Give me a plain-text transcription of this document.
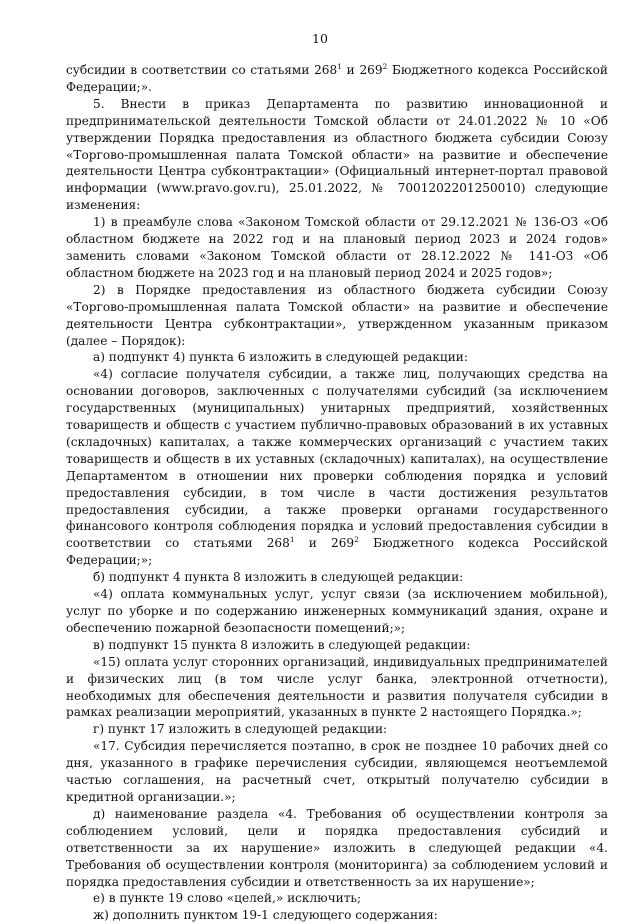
10

субсидии в соответствии со статьями $268^1$ и $269^2$ Бюджетного кодекса Российской Федерации;».

5. Внести в приказ Департамента по развитию инновационной и предпринимательской деятельности Томской области от 24.01.2022 № 10 «Об утверждении Порядка предоставления из областного бюджета субсидии Союзу «Торгово-промышленная палата Томской области» на развитие и обеспечение деятельности Центра субконтрактации» (Официальный интернет-портал правовой информации (www.pravo.gov.ru), 25.01.2022, № 7001202201250010) следующие изменения:

1) в преамбуле слова «Законом Томской области от 29.12.2021 № 136-ОЗ «Об областном бюджете на 2022 год и на плановый период 2023 и 2024 годов» заменить словами «Законом Томской области от 28.12.2022 № 141-ОЗ «Об областном бюджете на 2023 год и на плановый период 2024 и 2025 годов»;

2) в Порядке предоставления из областного бюджета субсидии Союзу «Торгово-промышленная палата Томской области» на развитие и обеспечение деятельности Центра субконтрактации», утвержденном указанным приказом (далее – Порядок):

а) подпункт 4) пункта 6 изложить в следующей редакции:

«4) согласие получателя субсидии, а также лиц, получающих средства на основании договоров, заключенных с получателями субсидий (за исключением государственных (муниципальных) унитарных предприятий, хозяйственных товариществ и обществ с участием публично-правовых образований в их уставных (складочных) капиталах, а также коммерческих организаций с участием таких товариществ и обществ в их уставных (складочных) капиталах), на осуществление Департаментом в отношении них проверки соблюдения порядка и условий предоставления субсидии, в том числе в части достижения результатов предоставления субсидии, а также проверки органами государственного финансового контроля соблюдения порядка и условий предоставления субсидии в соответствии со статьями $268^1$ и $269^2$ Бюджетного кодекса Российской Федерации;»;

б) подпункт 4 пункта 8 изложить в следующей редакции:

«4) оплата коммунальных услуг, услуг связи (за исключением мобильной), услуг по уборке и по содержанию инженерных коммуникаций здания, охране и обеспечению пожарной безопасности помещений;»;

в) подпункт 15 пункта 8 изложить в следующей редакции:

«15) оплата услуг сторонних организаций, индивидуальных предпринимателей и физических лиц (в том числе услуг банка, электронной отчетности), необходимых для обеспечения деятельности и развития получателя субсидии в рамках реализации мероприятий, указанных в пункте 2 настоящего Порядка.»;

г) пункт 17 изложить в следующей редакции:

«17. Субсидия перечисляется поэтапно, в срок не позднее 10 рабочих дней со дня, указанного в графике перечисления субсидии, являющемся неотъемлемой частью соглашения, на расчетный счет, открытый получателю субсидии в кредитной организации.»;

д) наименование раздела «4. Требования об осуществлении контроля за соблюдением условий, цели и порядка предоставления субсидий и ответственности за их нарушение» изложить в следующей редакции «4. Требования об осуществлении контроля (мониторинга) за соблюдением условий и порядка предоставления субсидии и ответственность за их нарушение»;

е) в пункте 19 слово «целей,» исключить;

ж) дополнить пунктом 19-1 следующего содержания:
